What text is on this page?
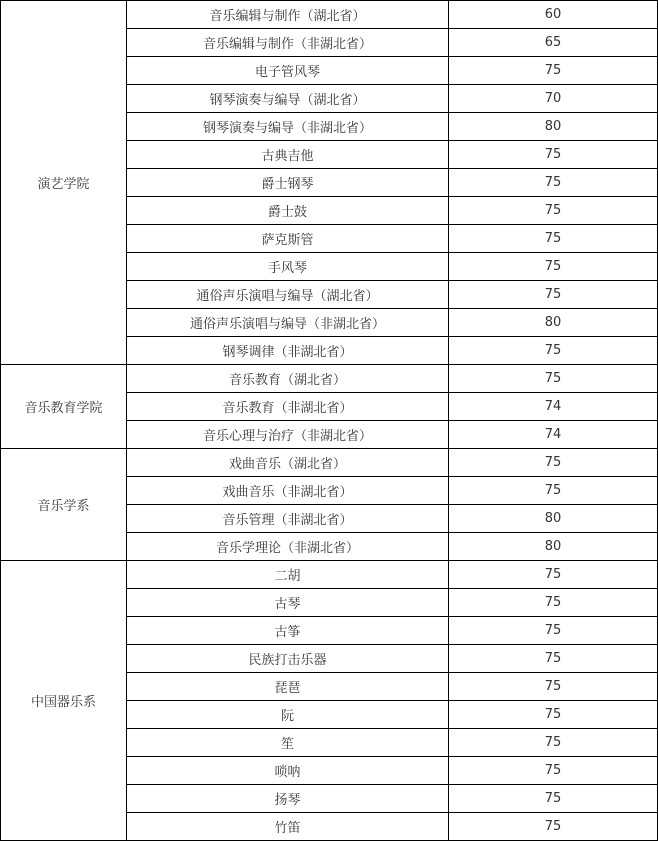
演艺学院	音乐编辑与制作（湖北省）	60
	音乐编辑与制作（非湖北省）	65
	电子管风琴	75
	钢琴演奏与编导（湖北省）	70
	钢琴演奏与编导（非湖北省）	80
	古典吉他	75
	爵士钢琴	75
	爵士鼓	75
	萨克斯管	75
	手风琴	75
	通俗声乐演唱与编导（湖北省）	75
	通俗声乐演唱与编导（非湖北省）	80
	钢琴调律（非湖北省）	75
音乐教育学院	音乐教育（湖北省）	75
	音乐教育（非湖北省）	74
	音乐心理与治疗（非湖北省）	74
音乐学系	戏曲音乐（湖北省）	75
	戏曲音乐（非湖北省）	75
	音乐管理（非湖北省）	80
	音乐学理论（非湖北省）	80
中国器乐系	二胡	75
	古琴	75
	古筝	75
	民族打击乐器	75
	琵琶	75
	阮	75
	笙	75
	唢呐	75
	扬琴	75
	竹笛	75
